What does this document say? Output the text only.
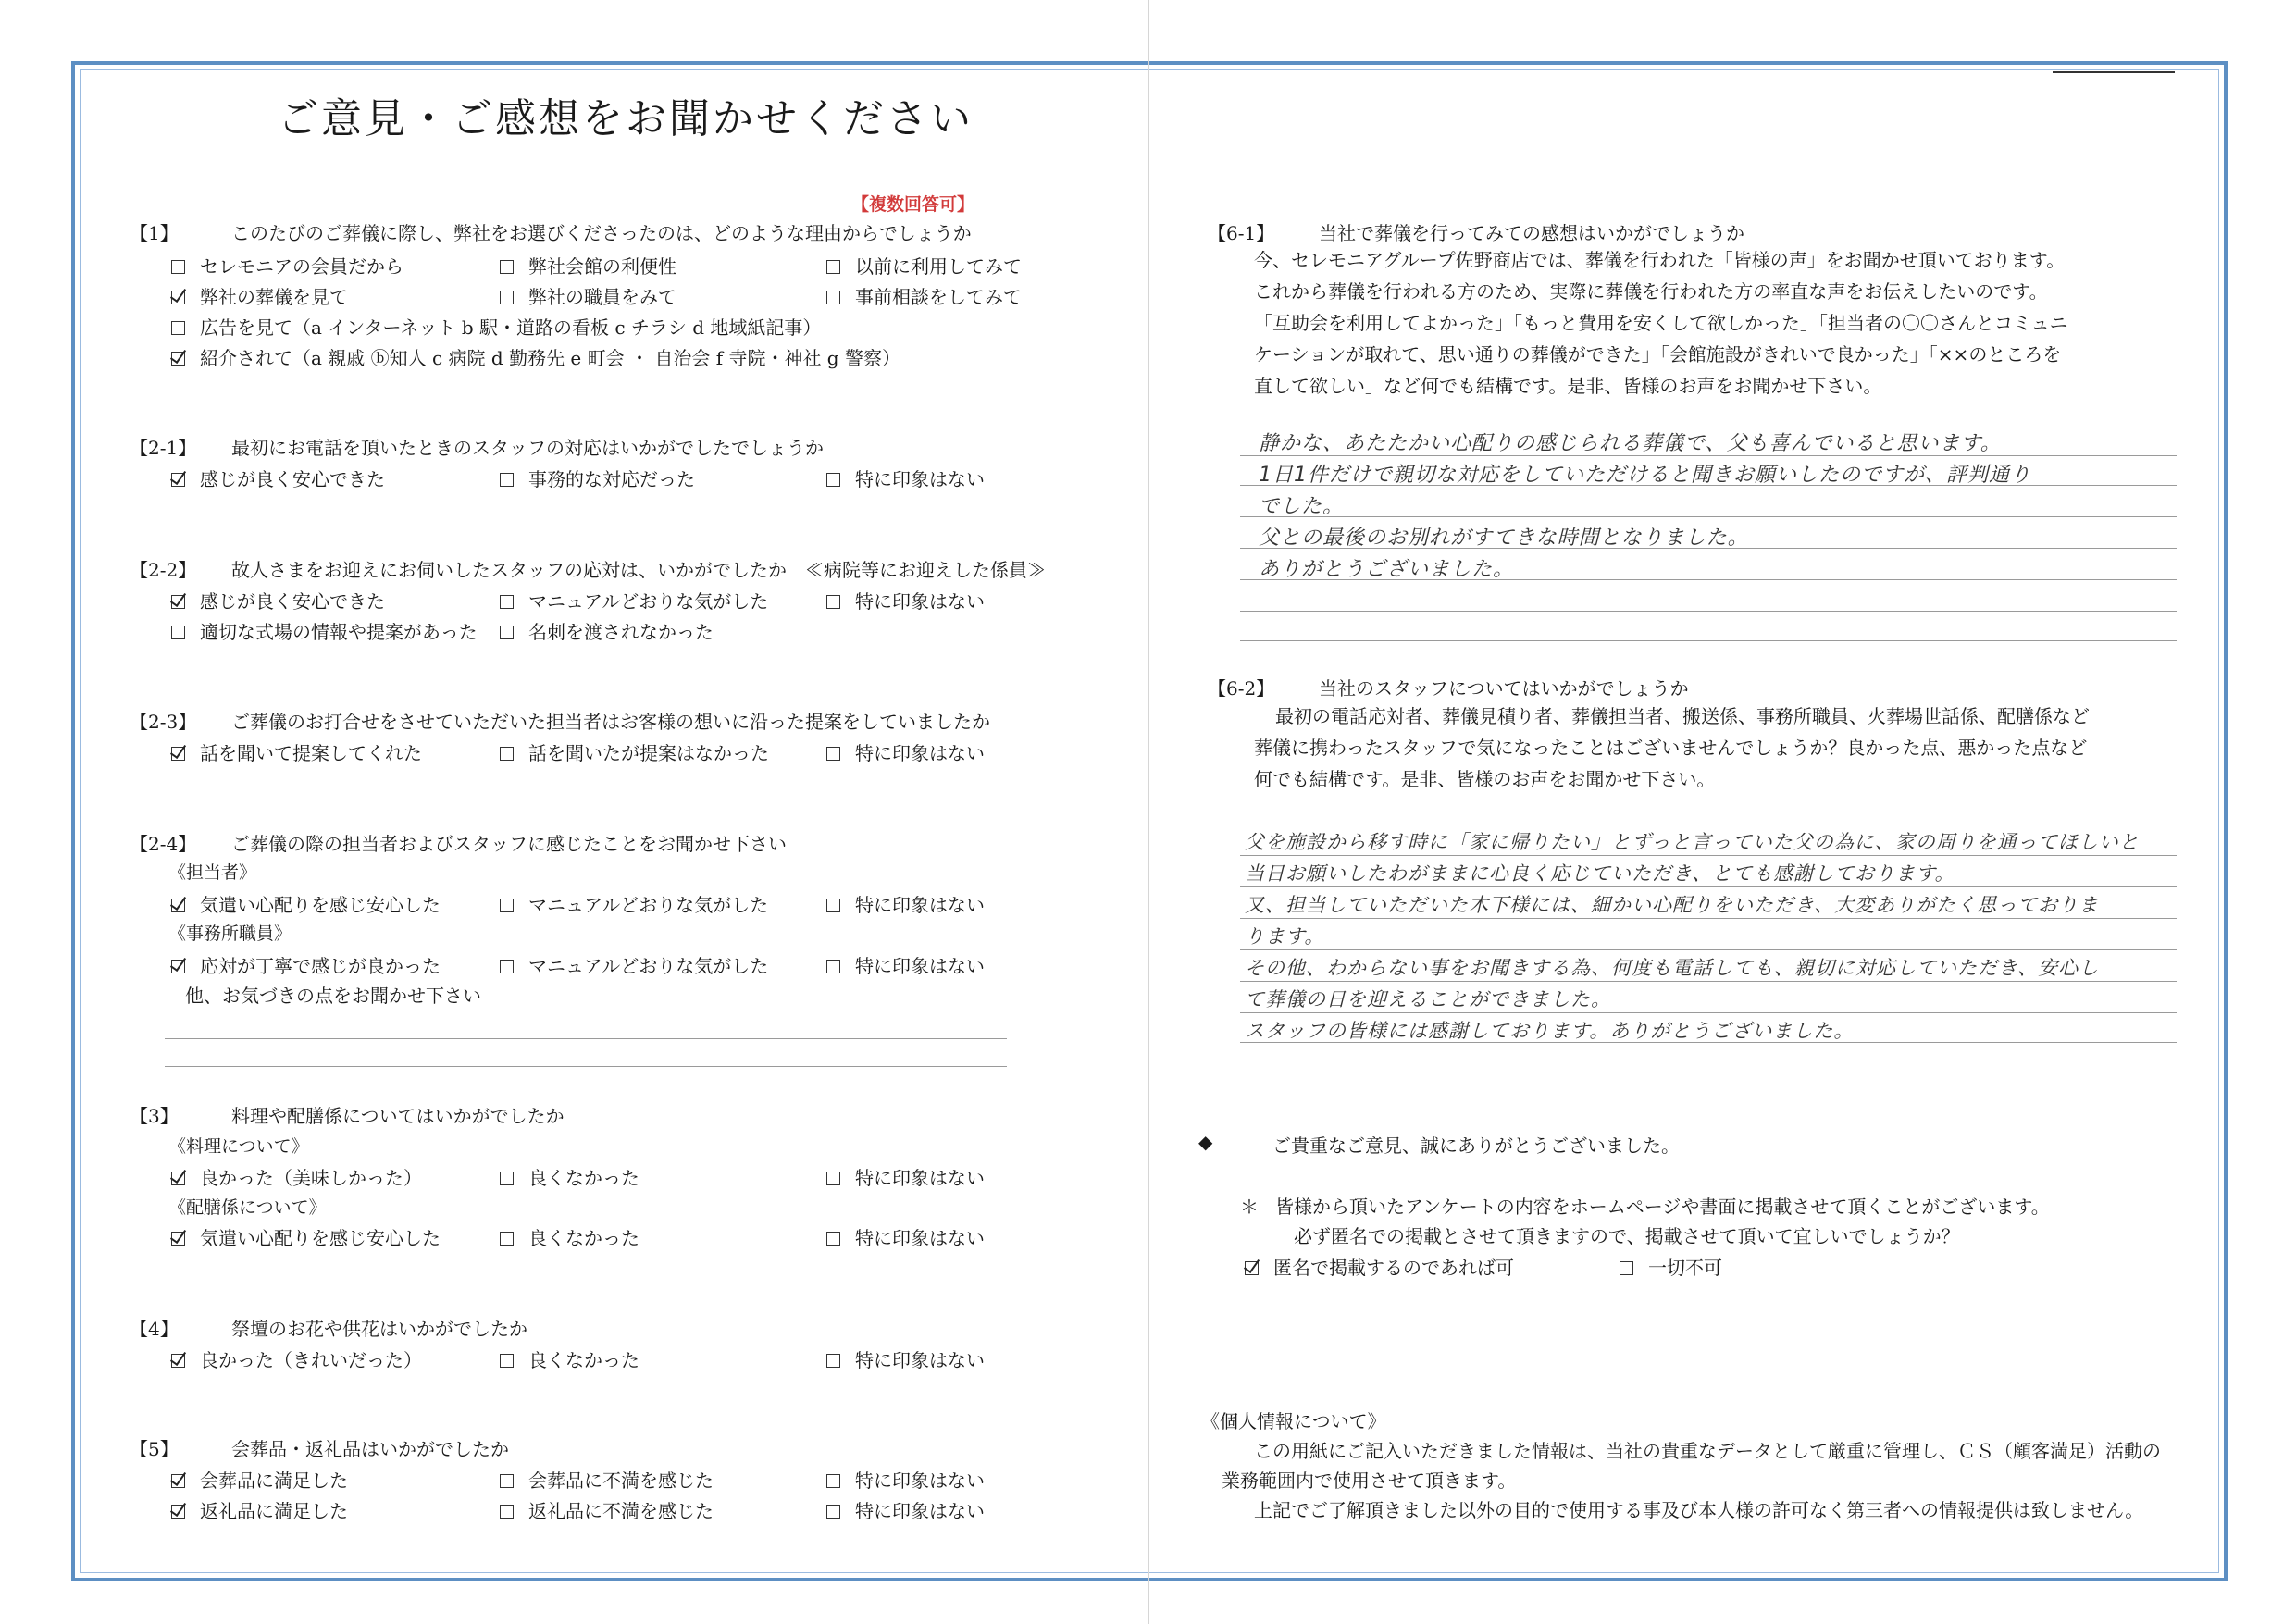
ご意見・ご感想をお聞かせください
【複数回答可】
【1】	このたびのご葬儀に際し、弊社をお選びくださったのは、どのような理由からでしょうか
セレモニアの会員だから	弊社会館の利便性	以前に利用してみて
弊社の葬儀を見て	弊社の職員をみて	事前相談をしてみて
広告を見て（a インターネット b 駅・道路の看板 c チラシ d 地域紙記事）
紹介されて（a 親戚 ⓑ知人 c 病院 d 勤務先 e 町会 ・ 自治会 f 寺院・神社 g 警察）
【2-1】 最初にお電話を頂いたときのスタッフの対応はいかがでしたでしょうか
感じが良く安心できた	事務的な対応だった	特に印象はない
【2-2】 故人さまをお迎えにお伺いしたスタッフの応対は、いかがでしたか　≪病院等にお迎えした係員≫
感じが良く安心できた	マニュアルどおりな気がした	特に印象はない
適切な式場の情報や提案があった	名刺を渡されなかった
【2-3】 ご葬儀のお打合せをさせていただいた担当者はお客様の想いに沿った提案をしていましたか
話を聞いて提案してくれた	話を聞いたが提案はなかった	特に印象はない
【2-4】 ご葬儀の際の担当者およびスタッフに感じたことをお聞かせ下さい
《担当者》
気遣い心配りを感じ安心した	マニュアルどおりな気がした	特に印象はない
《事務所職員》
応対が丁寧で感じが良かった	マニュアルどおりな気がした	特に印象はない
他、お気づきの点をお聞かせ下さい
【3】	料理や配膳係についてはいかがでしたか
《料理について》
良かった（美味しかった）	良くなかった	特に印象はない
《配膳係について》
気遣い心配りを感じ安心した	良くなかった	特に印象はない
【4】	祭壇のお花や供花はいかがでしたか
良かった（きれいだった）	良くなかった	特に印象はない
【5】	会葬品・返礼品はいかがでしたか
会葬品に満足した	会葬品に不満を感じた	特に印象はない
返礼品に満足した	返礼品に不満を感じた	特に印象はない
【6-1】 当社で葬儀を行ってみての感想はいかがでしょうか
今、セレモニアグループ佐野商店では、葬儀を行われた「皆様の声」をお聞かせ頂いております。
これから葬儀を行われる方のため、実際に葬儀を行われた方の率直な声をお伝えしたいのです。
「互助会を利用してよかった」「もっと費用を安くして欲しかった」「担当者の〇〇さんとコミュニ
ケーションが取れて、思い通りの葬儀ができた」「会館施設がきれいで良かった」「××のところを
直して欲しい」など何でも結構です。是非、皆様のお声をお聞かせ下さい。
静かな、あたたかい心配りの感じられる葬儀で、父も喜んでいると思います。
1日1件だけで親切な対応をしていただけると聞きお願いしたのですが、評判通り
でした。
父との最後のお別れがすてきな時間となりました。
ありがとうございました。
【6-2】 当社のスタッフについてはいかがでしょうか
最初の電話応対者、葬儀見積り者、葬儀担当者、搬送係、事務所職員、火葬場世話係、配膳係など
葬儀に携わったスタッフで気になったことはございませんでしょうか？良かった点、悪かった点など
何でも結構です。是非、皆様のお声をお聞かせ下さい。
父を施設から移す時に「家に帰りたい」とずっと言っていた父の為に、家の周りを通ってほしいと
当日お願いしたわがままに心良く応じていただき、とても感謝しております。
又、担当していただいた木下様には、細かい心配りをいただき、大変ありがたく思っておりま
ります。
その他、わからない事をお聞きする為、何度も電話しても、親切に対応していただき、安心し
て葬儀の日を迎えることができました。
スタッフの皆様には感謝しております。ありがとうございました。
◆	ご貴重なご意見、誠にありがとうございました。
＊ 皆様から頂いたアンケートの内容をホームページや書面に掲載させて頂くことがございます。
必ず匿名での掲載とさせて頂きますので、掲載させて頂いて宜しいでしょうか？
匿名で掲載するのであれば可	一切不可
《個人情報について》
この用紙にご記入いただきました情報は、当社の貴重なデータとして厳重に管理し、ＣＳ（顧客満足）活動の
業務範囲内で使用させて頂きます。
上記でご了解頂きました以外の目的で使用する事及び本人様の許可なく第三者への情報提供は致しません。
